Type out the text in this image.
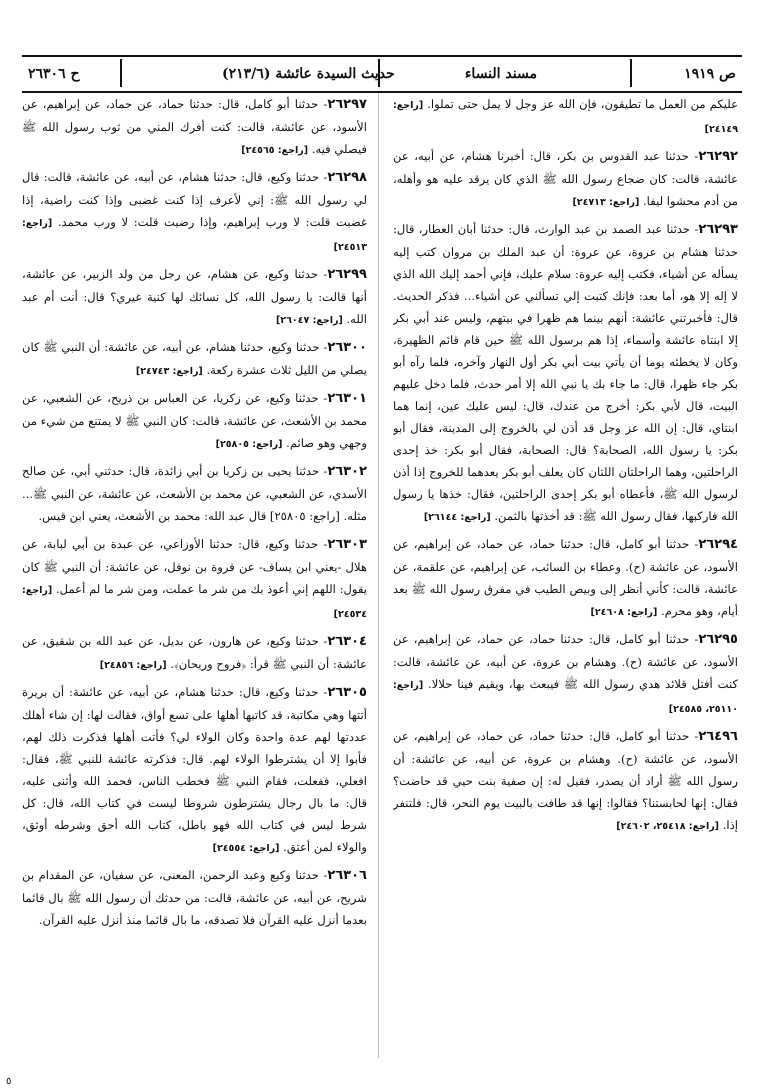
ص ١٩١٩
مسند النساء
حديث السيدة عائشة (٢١٣/٦)
ح ٢٦٣٠٦

عليكم من العمل ما تطيقون، فإن الله عز وجل لا يمل حتى تملوا. [راجع: ٢٤١٤٩]

٢٦٢٩٢- حدثنا عبد القدوس بن بكر، قال: أخبرنا هشام، عن أبيه، عن عائشة، قالت: كان ضجاع رسول الله ﷺ الذي كان يرقد عليه هو وأهله، من أدم محشوا ليفا. [راجع: ٢٤٧١٣]

٢٦٢٩٣- حدثنا عبد الصمد بن عبد الوارث، قال: حدثنا أبان العطار، قال: حدثنا هشام بن عروة، عن عروة: أن عبد الملك بن مروان كتب إليه يسأله عن أشياء، فكتب إليه عروة: سلام عليك، فإني أحمد إليك الله الذي لا إله إلا هو، أما بعد: فإنك كتبت إلي تسألني عن أشياء... فذكر الحديث. قال: فأخبرتني عائشة: أنهم بينما هم ظهرا في بيتهم، وليس عند أبي بكر إلا ابنتاه عائشة وأسماء، إذا هم برسول الله ﷺ حين قام قائم الظهيرة، وكان لا يخطئه يوما أن يأتي بيت أبي بكر أول النهار وآخره، فلما رآه أبو بكر جاء ظهرا، قال: ما جاء بك يا نبي الله إلا أمر حدث، فلما دخل عليهم البيت، قال لأبي بكر: أخرج من عندك، قال: ليس عليك عين، إنما هما ابنتاي، قال: إن الله عز وجل قد أذن لي بالخروج إلى المدينة، فقال أبو بكر: يا رسول الله، الصحابة؟ قال: الصحابة، فقال أبو بكر: خذ إحدى الراحلتين، وهما الراحلتان اللتان كان يعلف أبو بكر يعدهما للخروج إذا أذن لرسول الله ﷺ، فأعطاه أبو بكر إحدى الراحلتين، فقال: خذها يا رسول الله فاركبها، فقال رسول الله ﷺ: قد أخذتها بالثمن. [راجع: ٢٦١٤٤]

٢٦٢٩٤- حدثنا أبو كامل، قال: حدثنا حماد، عن حماد، عن إبراهيم، عن الأسود، عن عائشة (ح). وعطاء بن السائب، عن إبراهيم، عن علقمة، عن عائشة، قالت: كأني أنظر إلى وبيص الطيب في مفرق رسول الله ﷺ بعد أيام، وهو محرم. [راجع: ٢٤٦٠٨]

٢٦٢٩٥- حدثنا أبو كامل، قال: حدثنا حماد، عن حماد، عن إبراهيم، عن الأسود، عن عائشة (ح). وهشام بن عروة، عن أبيه، عن عائشة، قالت: كنت أفتل قلائد هدي رسول الله ﷺ فيبعث بها، ويقيم فينا حلالا. [راجع: ٢٥١١٠، ٢٤٥٨٥]

٢٦٤٩٦- حدثنا أبو كامل، قال: حدثنا حماد، عن حماد، عن إبراهيم، عن الأسود، عن عائشة (ح). وهشام بن عروة، عن أبيه، عن عائشة: أن رسول الله ﷺ أراد أن يصدر، فقيل له: إن صفية بنت حيي قد حاضت؟ فقال: إنها لحابستنا؟ فقالوا: إنها قد طافت بالبيت يوم النحر، قال: فلتنفر إذا. [راجع: ٢٥٤١٨، ٢٤٦٠٢]

٢٦٢٩٧- حدثنا أبو كامل، قال: حدثنا حماد، عن حماد، عن إبراهيم، عن الأسود، عن عائشة، قالت: كنت أفرك المني من ثوب رسول الله ﷺ فيصلي فيه. [راجع: ٢٤٥٦٥]

٢٦٢٩٨- حدثنا وكيع، قال: حدثنا هشام، عن أبيه، عن عائشة، قالت: قال لي رسول الله ﷺ: إني لأعرف إذا كنت غضبى وإذا كنت راضية، إذا غضبت قلت: لا ورب إبراهيم، وإذا رضيت قلت: لا ورب محمد. [راجع: ٢٤٥١٣]

٢٦٢٩٩- حدثنا وكيع، عن هشام، عن رجل من ولد الزبير، عن عائشة، أنها قالت: يا رسول الله، كل نسائك لها كنية غيري؟ قال: أنت أم عبد الله. [راجع: ٢٦٠٤٧]

٢٦٣٠٠- حدثنا وكيع، حدثنا هشام، عن أبيه، عن عائشة: أن النبي ﷺ كان يصلي من الليل ثلاث عشرة ركعة. [راجع: ٢٤٧٤٣]

٢٦٣٠١- حدثنا وكيع، عن زكريا، عن العباس بن ذريح، عن الشعبي، عن محمد بن الأشعث، عن عائشة، قالت: كان النبي ﷺ لا يمتنع من شيء من وجهي وهو صائم. [راجع: ٢٥٨٠٥]

٢٦٣٠٢- حدثنا يحيى بن زكريا بن أبي زائدة، قال: حدثني أبي، عن صالح الأسدي، عن الشعبي، عن محمد بن الأشعث، عن عائشة، عن النبي ﷺ... مثله. [راجع: ٢٥٨٠٥] قال عبد الله: محمد بن الأشعث، يعني ابن قيس.

٢٦٣٠٣- حدثنا وكيع، قال: حدثنا الأوزاعي، عن عبدة بن أبي لبابة، عن هلال -يعني ابن يساف- عن فروة بن نوفل، عن عائشة: أن النبي ﷺ كان يقول: اللهم إني أعوذ بك من شر ما عملت، ومن شر ما لم أعمل. [راجع: ٢٤٥٣٤]

٢٦٣٠٤- حدثنا وكيع، عن هارون، عن بديل، عن عبد الله بن شقيق، عن عائشة: أن النبي ﷺ قرأ: ﴿فروح وريحان﴾. [راجع: ٢٤٨٥٦]

٢٦٣٠٥- حدثنا وكيع، قال: حدثنا هشام، عن أبيه، عن عائشة: أن بريرة أتتها وهي مكاتبة، قد كاتبها أهلها على تسع أواق، فقالت لها: إن شاء أهلك عددتها لهم عدة واحدة وكان الولاء لي؟ فأتت أهلها فذكرت ذلك لهم، فأبوا إلا أن يشترطوا الولاء لهم. قال: فذكرته عائشة للنبي ﷺ، فقال: افعلي، ففعلت، فقام النبي ﷺ فخطب الناس، فحمد الله وأثنى عليه، قال: ما بال رجال يشترطون شروطا ليست في كتاب الله، قال: كل شرط ليس في كتاب الله فهو باطل، كتاب الله أحق وشرطه أوثق، والولاء لمن أعتق. [راجع: ٢٤٥٥٤]

٢٦٣٠٦- حدثنا وكيع وعبد الرحمن، المعنى، عن سفيان، عن المقدام بن شريح، عن أبيه، عن عائشة، قالت: من حدثك أن رسول الله ﷺ بال قائما بعدما أنزل عليه القرآن فلا تصدقه، ما بال قائما منذ أنزل عليه القرآن.

٥
